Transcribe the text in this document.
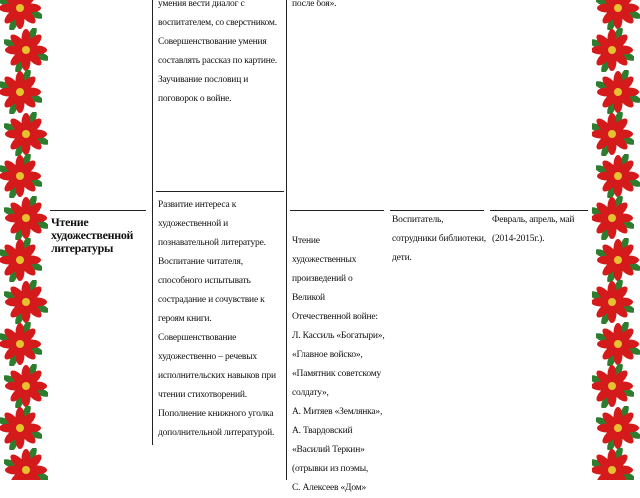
умения вести диалог с
воспитателем, со сверстником.
Совершенствование умения
составлять рассказ по картине.
Заучивание пословиц и
поговорок о войне.
после боя».
Чтение
художественной
литературы
Развитие интереса к
художественной и
познавательной литературе.
Воспитание читателя,
способного испытывать
сострадание и сочувствие к
героям книги.
Совершенствование
художественно – речевых
исполнительских навыков при
чтении стихотворений.
Пополнение книжного уголка
дополнительной литературой.
Чтение художественных
произведений о Великой
Отечественной войне:
Л. Кассиль «Богатыри»,
«Главное войско»,
«Памятник советскому
солдату»,
А. Митяев «Землянка»,
А. Твардовский
«Василий Теркин»
(отрывки из поэмы,
С. Алексеев «Дом»
Воспитатель,
сотрудники библиотеки,
дети.
Февраль, апрель, май
(2014-2015г.).
